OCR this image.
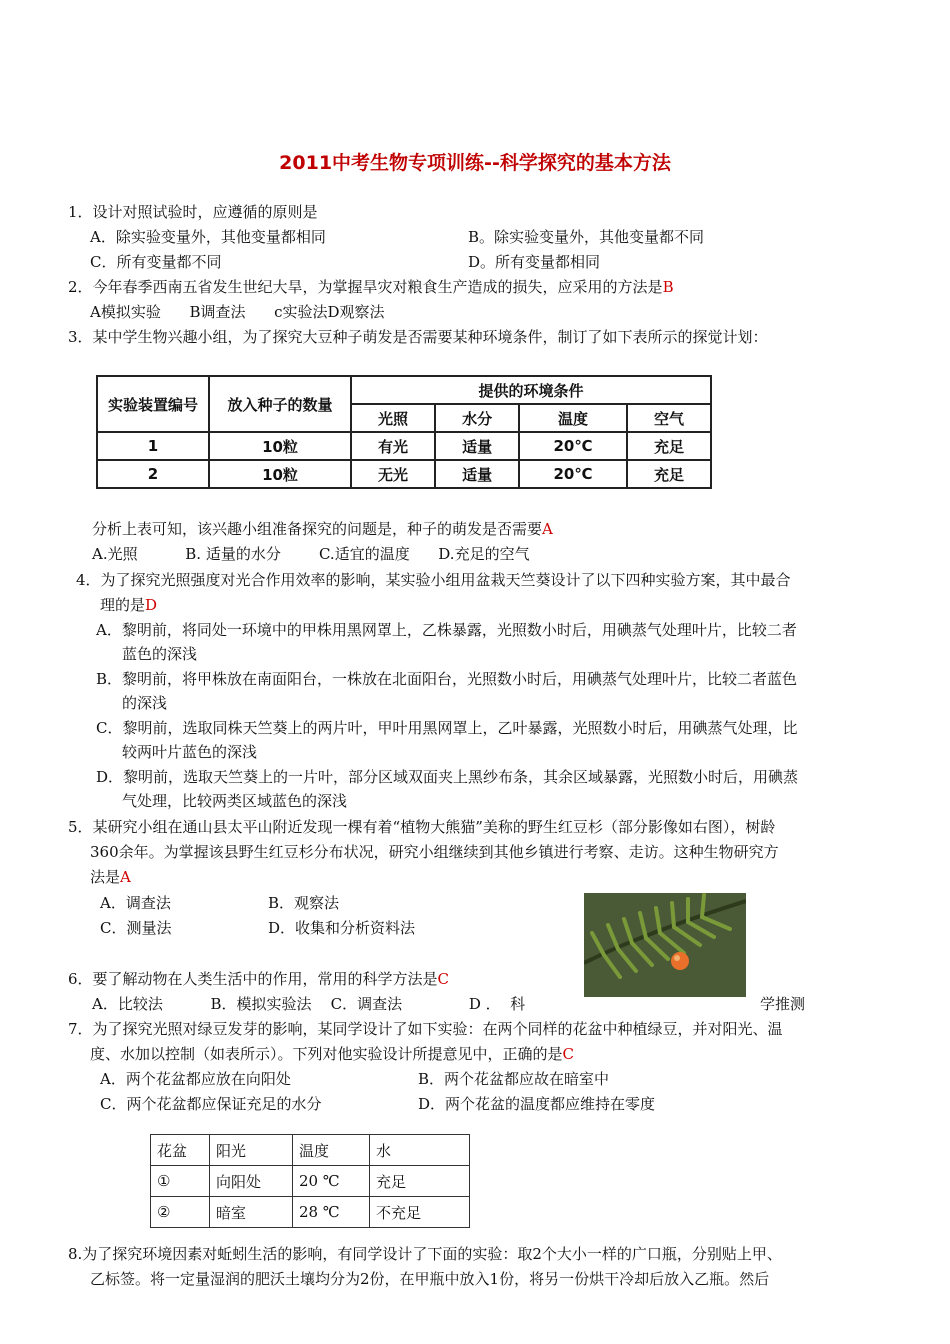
2011中考生物专项训练--科学探究的基本方法
1．设计对照试验时，应遵循的原则是
A．除实验变量外，其他变量都相同	B。除实验变量外，其他变量都不同
C．所有变量都不同	D。所有变量都相同
2．今年春季西南五省发生世纪大旱，为掌握旱灾对粮食生产造成的损失，应采用的方法是B
A模拟实验      B调查法      c实验法D观察法
3．某中学生物兴趣小组，为了探究大豆种子萌发是否需要某种环境条件，制订了如下表所示的探觉计划：
实验装置编号	放入种子的数量	提供的环境条件			
		光照	水分	温度	空气
1	10粒	有光	适量	20℃	充足
2	10粒	无光	适量	20℃	充足
分析上表可知，该兴趣小组准备探究的问题是，种子的萌发是否需要A
A.光照          B. 适量的水分        C.适宜的温度      D.充足的空气
4．为了探究光照强度对光合作用效率的影响，某实验小组用盆栽天竺葵设计了以下四种实验方案，其中最合
理的是D
A．黎明前，将同处一环境中的甲株用黑网罩上，乙株暴露，光照数小时后，用碘蒸气处理叶片，比较二者
蓝色的深浅
B．黎明前，将甲株放在南面阳台，一株放在北面阳台，光照数小时后，用碘蒸气处理叶片，比较二者蓝色
的深浅
C．黎明前，选取同株天竺葵上的两片叶，甲叶用黑网罩上，乙叶暴露，光照数小时后，用碘蒸气处理，比
较两叶片蓝色的深浅
D．黎明前，选取天竺葵上的一片叶，部分区域双面夹上黑纱布条，其余区域暴露，光照数小时后，用碘蒸
气处理，比较两类区域蓝色的深浅
5．某研究小组在通山县太平山附近发现一棵有着“植物大熊猫”美称的野生红豆杉（部分影像如右图），树龄
360余年。为掌握该县野生红豆杉分布状况，研究小组继续到其他乡镇进行考察、走访。这种生物研究方
法是A
A．调查法	B．观察法
C．测量法	D．收集和分析资料法
6．要了解动物在人类生活中的作用，常用的科学方法是C
A．比较法          B．模拟实验法    C．调查法              D ．  科	学推测
7．为了探究光照对绿豆发芽的影响，某同学设计了如下实验：在两个同样的花盆中种植绿豆，并对阳光、温
度、水加以控制（如表所示）。下列对他实验设计所提意见中，正确的是C
A．两个花盆都应放在向阳处	B．两个花盆都应故在暗室中
C．两个花盆都应保证充足的水分	D．两个花盆的温度都应维持在零度
花盆	阳光	温度	水
①	向阳处	20 ℃	充足
②	暗室	28 ℃	不充足
8.为了探究环境因素对蚯蚓生活的影响，有同学设计了下面的实验：取2个大小一样的广口瓶，分别贴上甲、
乙标签。将一定量湿润的肥沃土壤均分为2份，在甲瓶中放入1份，将另一份烘干冷却后放入乙瓶。然后
